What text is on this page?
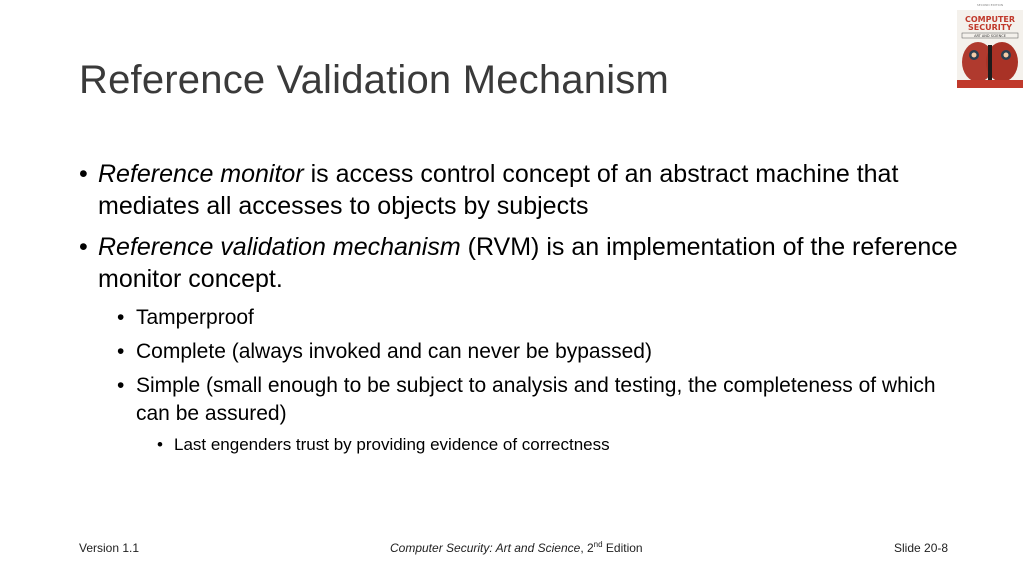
Reference Validation Mechanism
SECOND EDITION
COMPUTER
SECURITY
ART AND SCIENCE
• Reference monitor is access control concept of an abstract machine that mediates all accesses to objects by subjects
• Reference validation mechanism (RVM) is an implementation of the reference monitor concept.
• Tamperproof
• Complete (always invoked and can never be bypassed)
• Simple (small enough to be subject to analysis and testing, the completeness of which can be assured)
• Last engenders trust by providing evidence of correctness
Version 1.1	Computer Security: Art and Science, 2nd Edition	Slide 20-8
